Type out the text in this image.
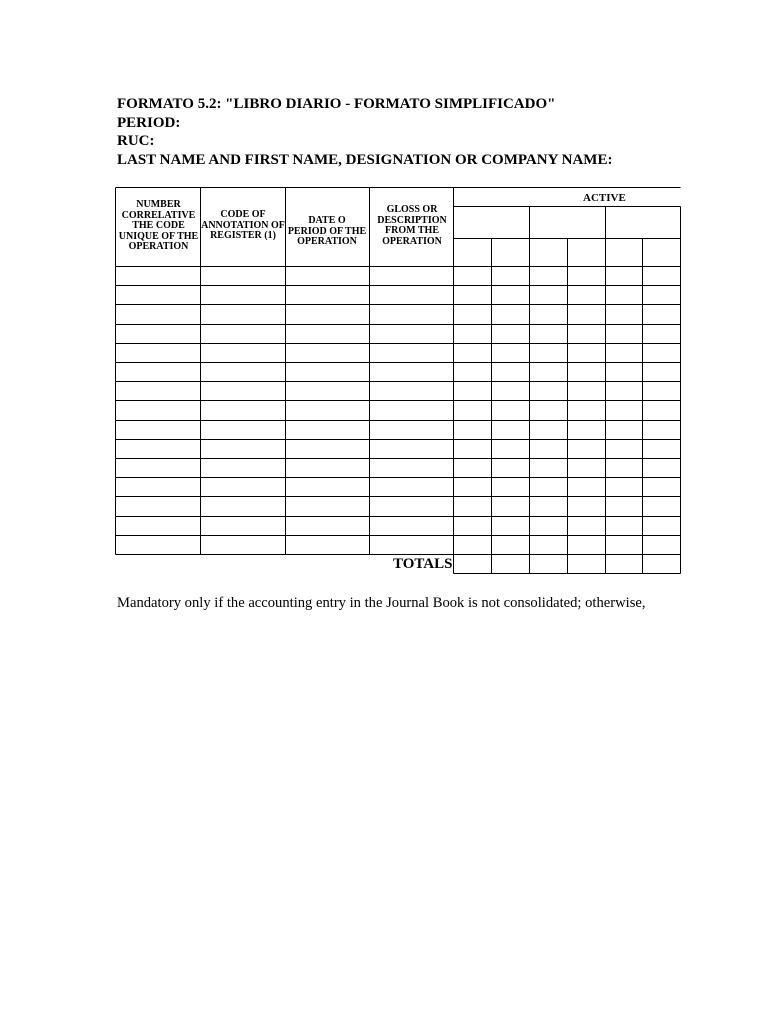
FORMATO 5.2: "LIBRO DIARIO - FORMATO SIMPLIFICADO"
PERIOD:
RUC:
LAST NAME AND FIRST NAME, DESIGNATION OR COMPANY NAME:
NUMBER
CORRELATIVE
THE CODE
UNIQUE OF THE
OPERATION
CODE OF
ANNOTATION OF
REGISTER (1)
DATE O
PERIOD OF THE
OPERATION
GLOSS OR
DESCRIPTION
FROM THE
OPERATION
ACTIVE
TOTALS
Mandatory only if the accounting entry in the Journal Book is not consolidated; otherwise,
